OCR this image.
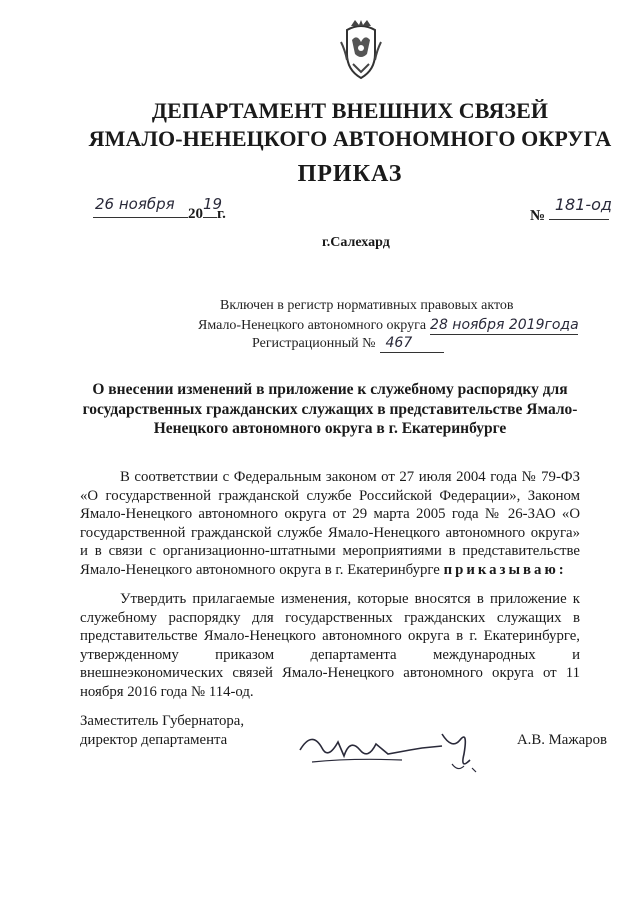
ДЕПАРТАМЕНТ ВНЕШНИХ СВЯЗЕЙ
ЯМАЛО-НЕНЕЦКОГО АВТОНОМНОГО ОКРУГА
ПРИКАЗ
26 ноября
20
19
г.	№
181-од
г.Салехард
Включен в регистр нормативных правовых актов
Ямало-Ненецкого автономного округа 28 ноября 2019года
Регистрационный № 467
О внесении изменений в приложение к служебному распорядку для государственных гражданских служащих в представительстве Ямало-Ненецкого автономного округа в г. Екатеринбурге
В соответствии с Федеральным законом от 27 июля 2004 года № 79-ФЗ «О государственной гражданской службе Российской Федерации», Законом Ямало-Ненецкого автономного округа от 29 марта 2005 года № 26-ЗАО «О государственной гражданской службе Ямало-Ненецкого автономного округа» и в связи с организационно-штатными мероприятиями в представительстве Ямало-Ненецкого автономного округа в г. Екатеринбурге приказываю:
Утвердить прилагаемые изменения, которые вносятся в приложение к служебному распорядку для государственных гражданских служащих в представительстве Ямало-Ненецкого автономного округа в г. Екатеринбурге, утвержденному приказом департамента международных и внешнеэкономических связей Ямало-Ненецкого автономного округа от 11 ноября 2016 года № 114-од.
Заместитель Губернатора,
директор департамента	А.В. Мажаров
